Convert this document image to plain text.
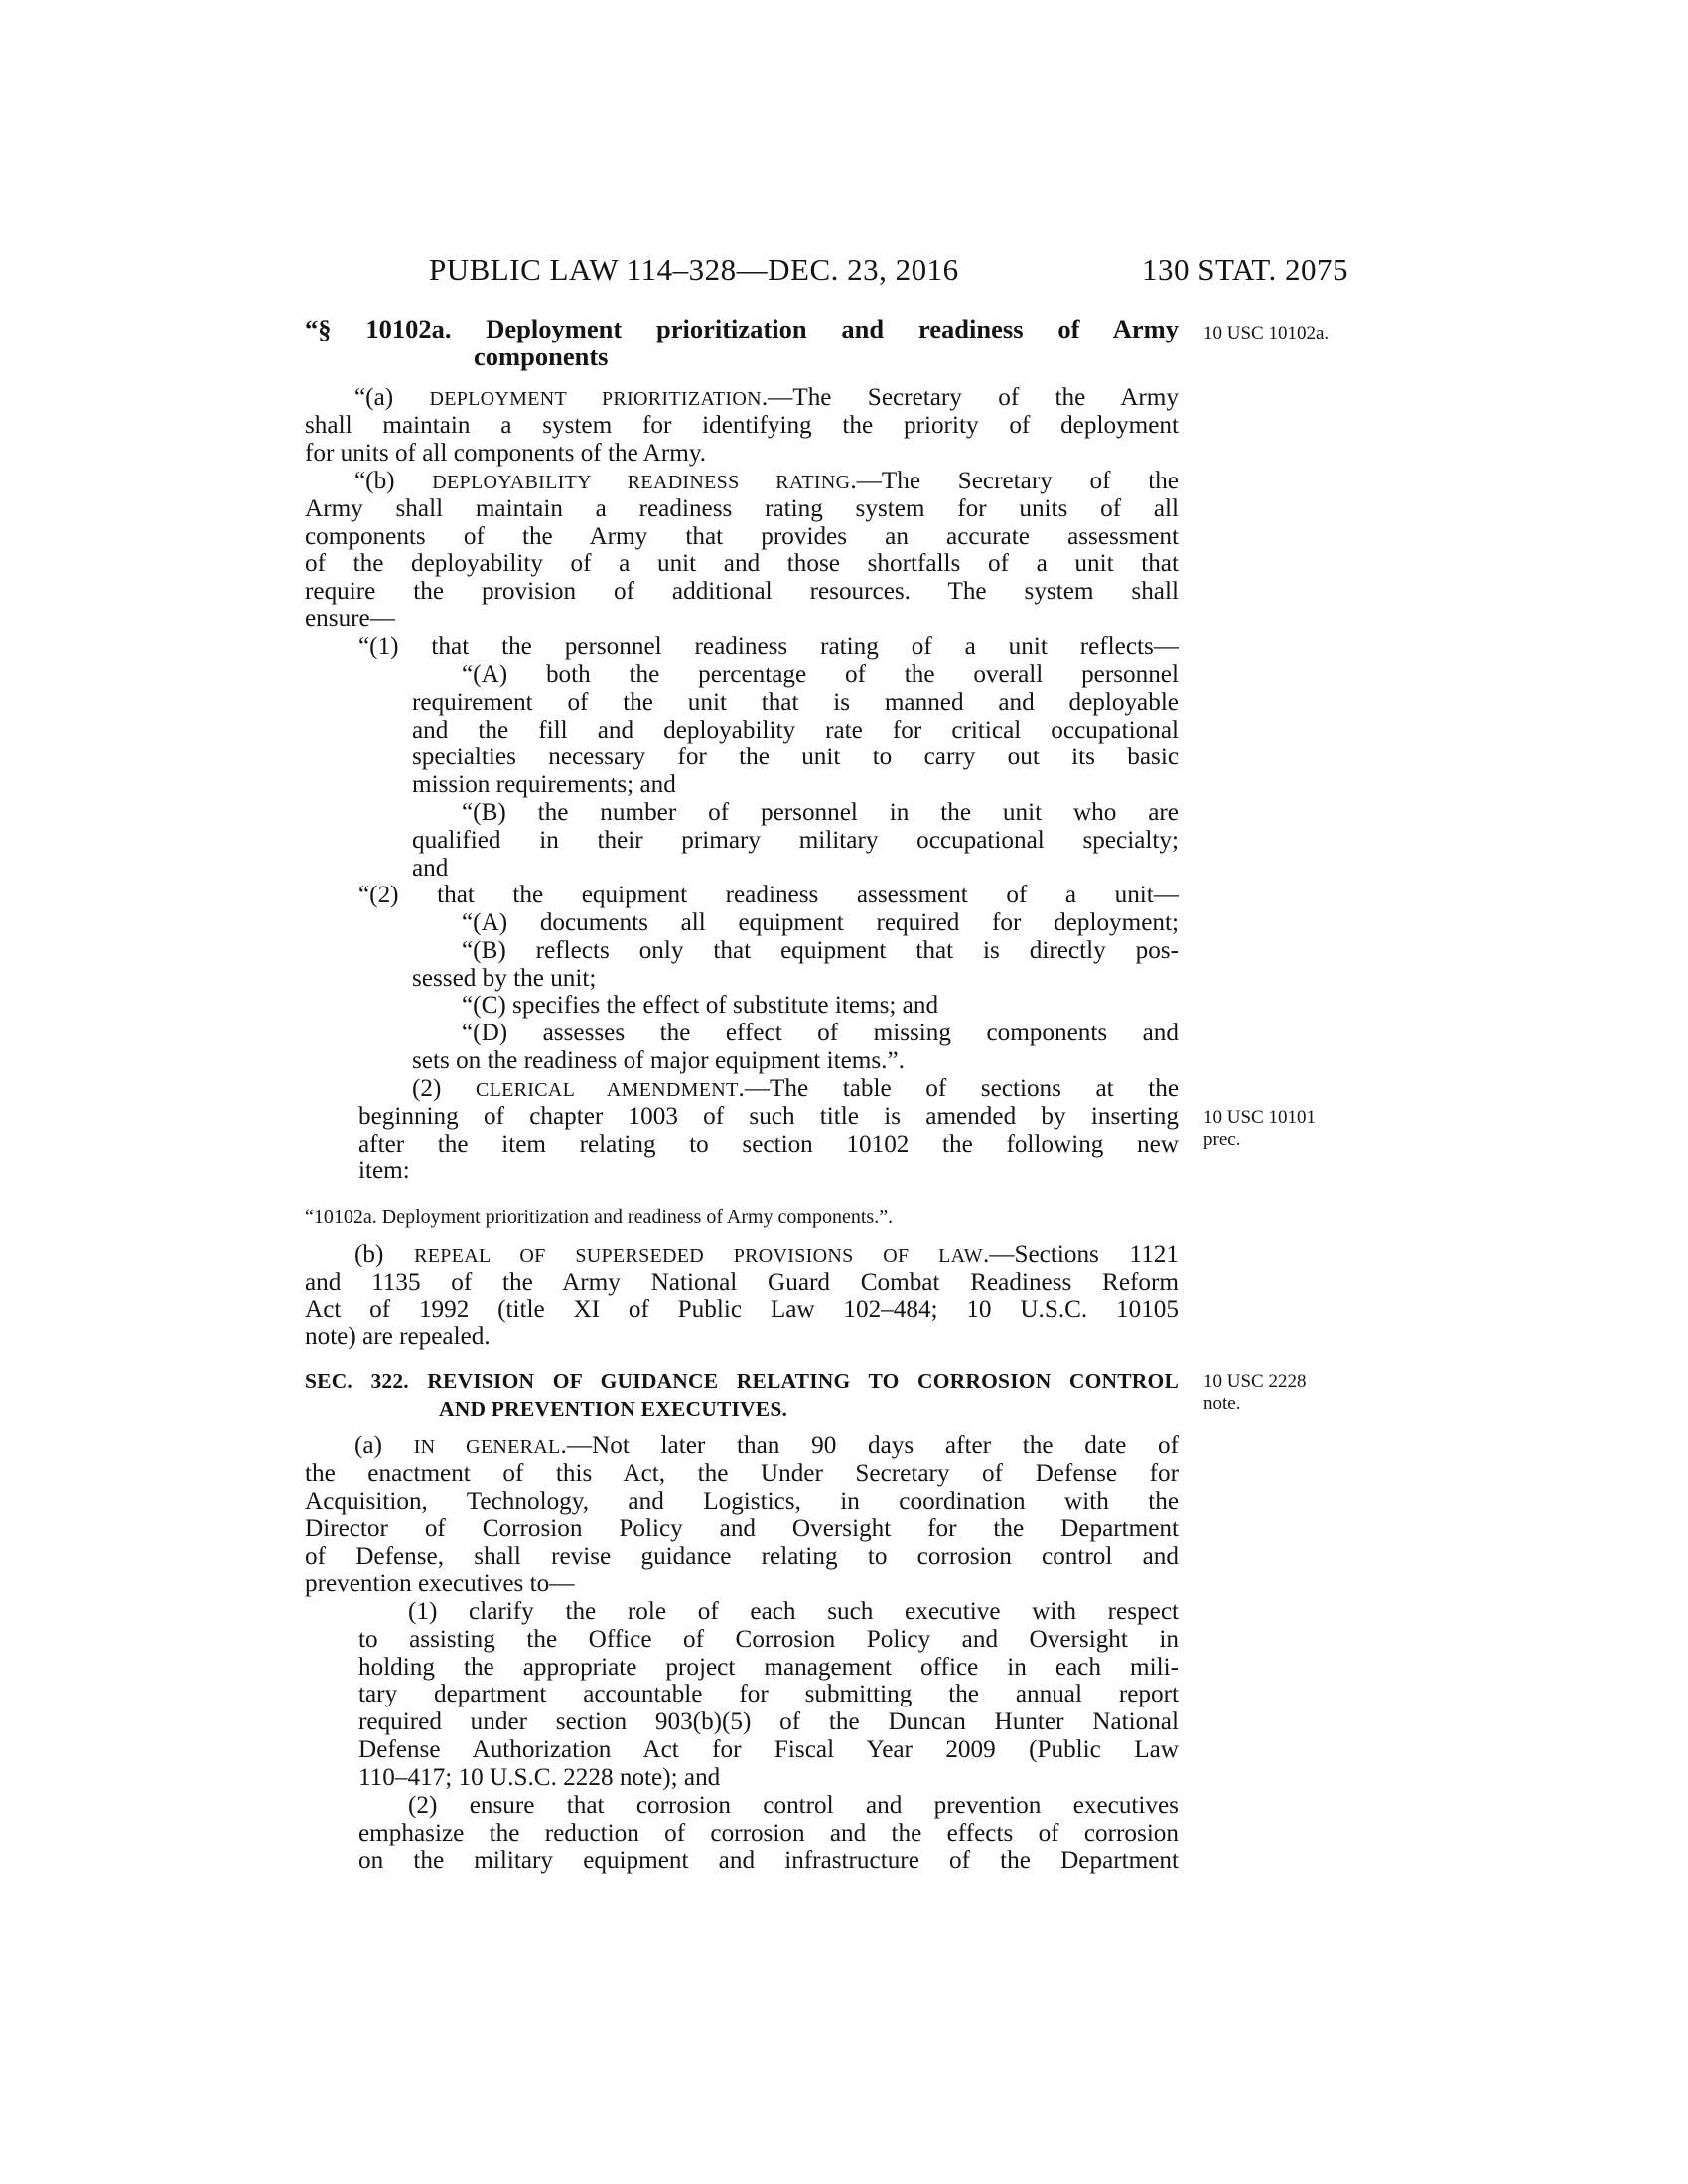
PUBLIC LAW 114–328—DEC. 23, 2016	130 STAT. 2075
“§ 10102a. Deployment prioritization and readiness of Army
components
10 USC 10102a.
“(a) DEPLOYMENT PRIORITIZATION.—The Secretary of the Army
shall maintain a system for identifying the priority of deployment
for units of all components of the Army.
“(b) DEPLOYABILITY READINESS RATING.—The Secretary of the
Army shall maintain a readiness rating system for units of all
components of the Army that provides an accurate assessment
of the deployability of a unit and those shortfalls of a unit that
require the provision of additional resources. The system shall
ensure—
“(1) that the personnel readiness rating of a unit reflects—
“(A) both the percentage of the overall personnel
requirement of the unit that is manned and deployable
and the fill and deployability rate for critical occupational
specialties necessary for the unit to carry out its basic
mission requirements; and
“(B) the number of personnel in the unit who are
qualified in their primary military occupational specialty;
and
“(2) that the equipment readiness assessment of a unit—
“(A) documents all equipment required for deployment;
“(B) reflects only that equipment that is directly pos-
sessed by the unit;
“(C) specifies the effect of substitute items; and
“(D) assesses the effect of missing components and
sets on the readiness of major equipment items.”.
(2) CLERICAL AMENDMENT.—The table of sections at the
beginning of chapter 1003 of such title is amended by inserting
after the item relating to section 10102 the following new
item:
10 USC 10101
prec.
“10102a. Deployment prioritization and readiness of Army components.”.
(b) REPEAL OF SUPERSEDED PROVISIONS OF LAW.—Sections 1121
and 1135 of the Army National Guard Combat Readiness Reform
Act of 1992 (title XI of Public Law 102–484; 10 U.S.C. 10105
note) are repealed.
SEC. 322. REVISION OF GUIDANCE RELATING TO CORROSION CONTROL
AND PREVENTION EXECUTIVES.
10 USC 2228
note.
(a) IN GENERAL.—Not later than 90 days after the date of
the enactment of this Act, the Under Secretary of Defense for
Acquisition, Technology, and Logistics, in coordination with the
Director of Corrosion Policy and Oversight for the Department
of Defense, shall revise guidance relating to corrosion control and
prevention executives to—
(1) clarify the role of each such executive with respect
to assisting the Office of Corrosion Policy and Oversight in
holding the appropriate project management office in each mili-
tary department accountable for submitting the annual report
required under section 903(b)(5) of the Duncan Hunter National
Defense Authorization Act for Fiscal Year 2009 (Public Law
110–417; 10 U.S.C. 2228 note); and
(2) ensure that corrosion control and prevention executives
emphasize the reduction of corrosion and the effects of corrosion
on the military equipment and infrastructure of the Department
